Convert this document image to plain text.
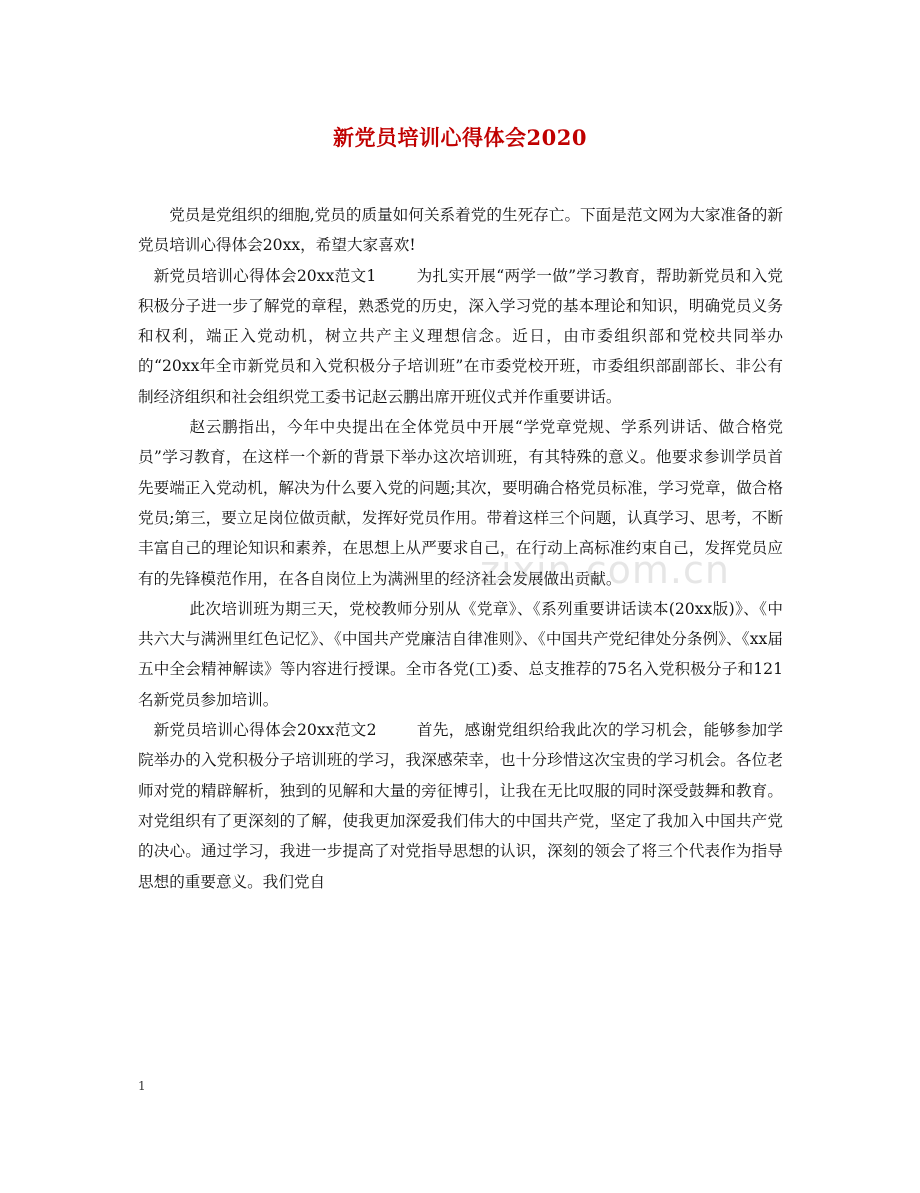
新党员培训心得体会2020
zixin.com.cn

党员是党组织的细胞,党员的质量如何关系着党的生死存亡。下面是范文网为大家准备的新党员培训心得体会20xx，希望大家喜欢!

新党员培训心得体会20xx范文1	为扎实开展“两学一做”学习教育，帮助新党员和入党积极分子进一步了解党的章程，熟悉党的历史，深入学习党的基本理论和知识，明确党员义务和权利，端正入党动机，树立共产主义理想信念。近日，由市委组织部和党校共同举办的“20xx年全市新党员和入党积极分子培训班”在市委党校开班，市委组织部副部长、非公有制经济组织和社会组织党工委书记赵云鹏出席开班仪式并作重要讲话。

赵云鹏指出，今年中央提出在全体党员中开展“学党章党规、学系列讲话、做合格党员”学习教育，在这样一个新的背景下举办这次培训班，有其特殊的意义。他要求参训学员首先要端正入党动机，解决为什么要入党的问题;其次，要明确合格党员标准，学习党章，做合格党员;第三，要立足岗位做贡献，发挥好党员作用。带着这样三个问题，认真学习、思考，不断丰富自己的理论知识和素养，在思想上从严要求自己，在行动上高标准约束自己，发挥党员应有的先锋模范作用，在各自岗位上为满洲里的经济社会发展做出贡献。

此次培训班为期三天，党校教师分别从《党章》、《系列重要讲话读本(20xx版)》、《中共六大与满洲里红色记忆》、《中国共产党廉洁自律准则》、《中国共产党纪律处分条例》、《xx届五中全会精神解读》等内容进行授课。全市各党(工)委、总支推荐的75名入党积极分子和121名新党员参加培训。

新党员培训心得体会20xx范文2	首先，感谢党组织给我此次的学习机会，能够参加学院举办的入党积极分子培训班的学习，我深感荣幸，也十分珍惜这次宝贵的学习机会。各位老师对党的精辟解析，独到的见解和大量的旁征博引，让我在无比叹服的同时深受鼓舞和教育。对党组织有了更深刻的了解，使我更加深爱我们伟大的中国共产党，坚定了我加入中国共产党的决心。通过学习，我进一步提高了对党指导思想的认识，深刻的领会了将三个代表作为指导思想的重要意义。我们党自

1
